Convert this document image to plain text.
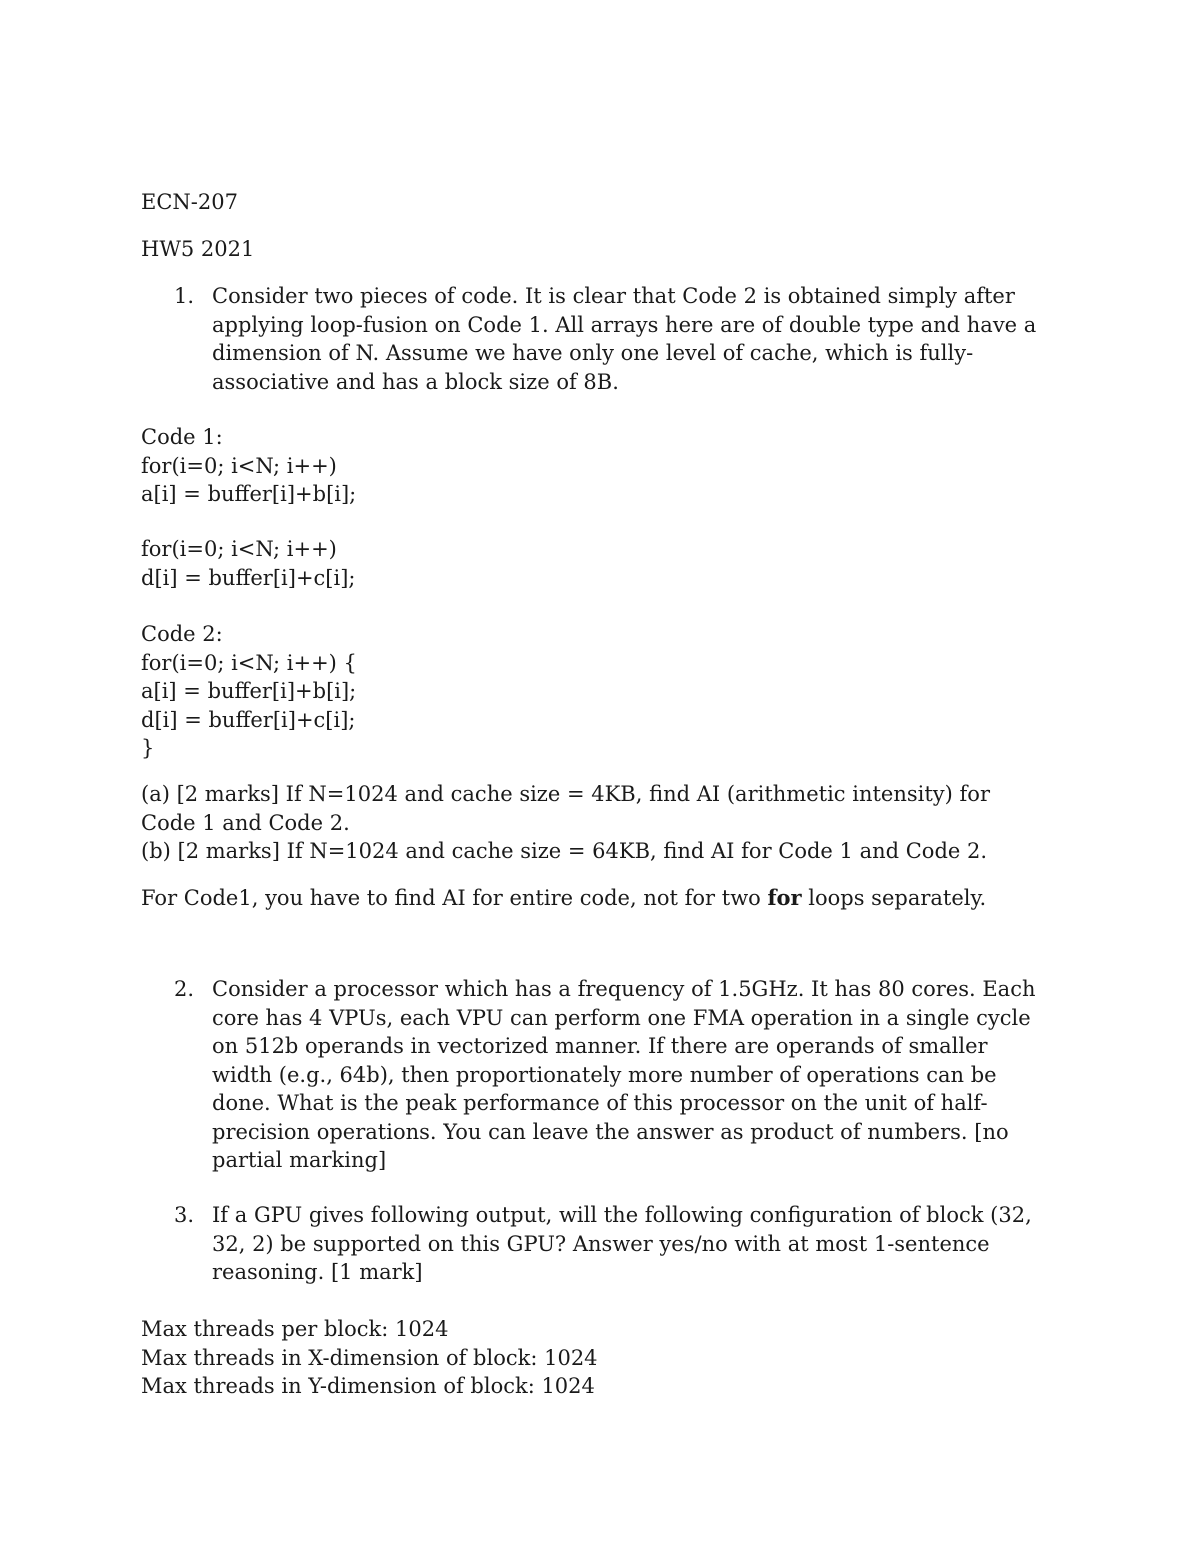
ECN-207
HW5 2021
1. Consider two pieces of code. It is clear that Code 2 is obtained simply after
applying loop-fusion on Code 1. All arrays here are of double type and have a
dimension of N. Assume we have only one level of cache, which is fully-
associative and has a block size of 8B.
Code 1:
for(i=0; i<N; i++)
a[i] = buffer[i]+b[i];
for(i=0; i<N; i++)
d[i] = buffer[i]+c[i];
Code 2:
for(i=0; i<N; i++) {
a[i] = buffer[i]+b[i];
d[i] = buffer[i]+c[i];
}
(a) [2 marks] If N=1024 and cache size = 4KB, find AI (arithmetic intensity) for
Code 1 and Code 2.
(b) [2 marks] If N=1024 and cache size = 64KB, find AI for Code 1 and Code 2.
For Code1, you have to find AI for entire code, not for two for loops separately.
2. Consider a processor which has a frequency of 1.5GHz. It has 80 cores. Each
core has 4 VPUs, each VPU can perform one FMA operation in a single cycle
on 512b operands in vectorized manner. If there are operands of smaller
width (e.g., 64b), then proportionately more number of operations can be
done. What is the peak performance of this processor on the unit of half-
precision operations. You can leave the answer as product of numbers. [no
partial marking]
3. If a GPU gives following output, will the following configuration of block (32,
32, 2) be supported on this GPU? Answer yes/no with at most 1-sentence
reasoning. [1 mark]
Max threads per block: 1024
Max threads in X-dimension of block: 1024
Max threads in Y-dimension of block: 1024
